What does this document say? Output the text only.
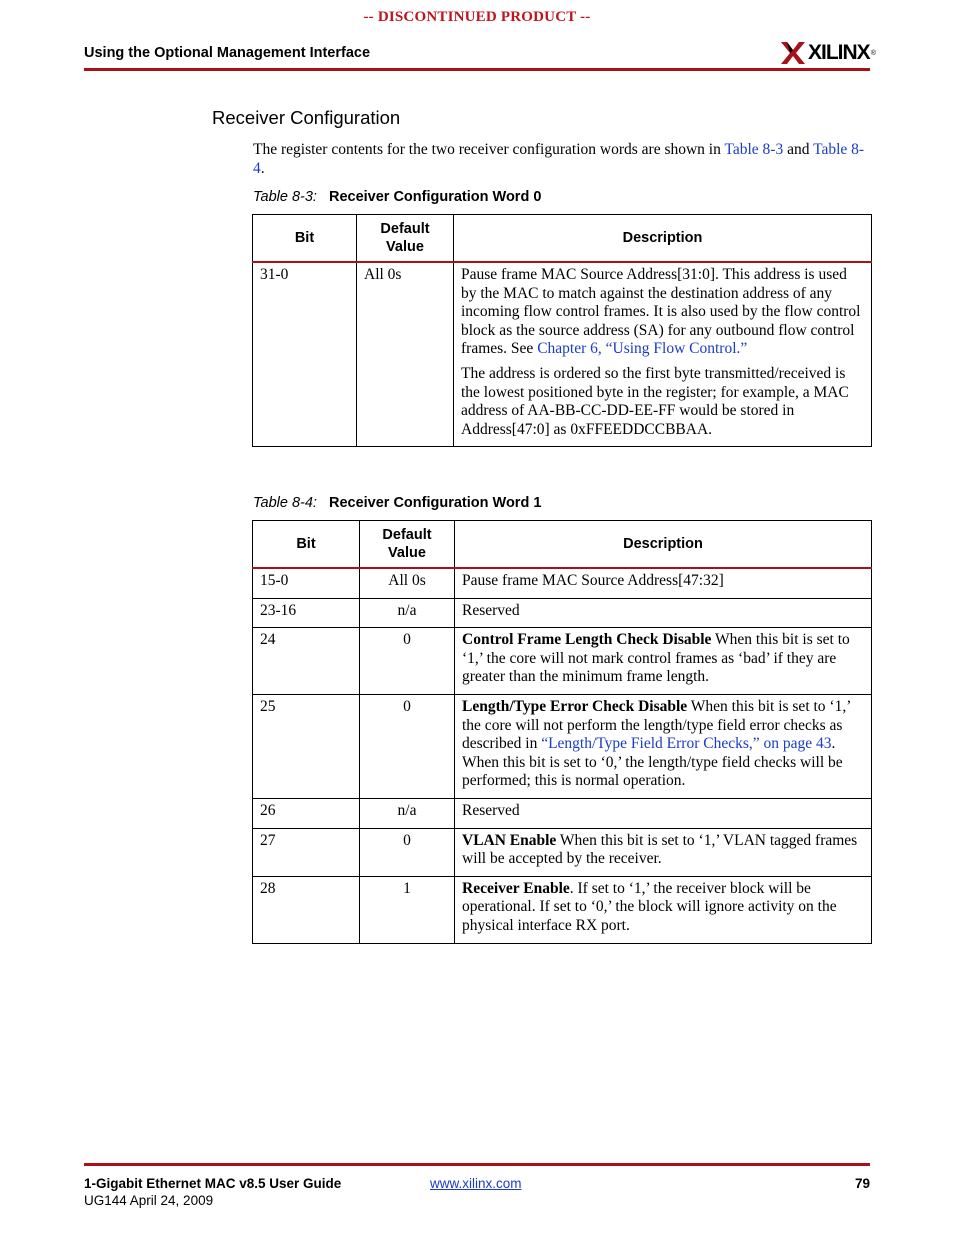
-- DISCONTINUED PRODUCT --
Using the Optional Management Interface	XILINX ®
Receiver Configuration
The register contents for the two receiver configuration words are shown in Table 8-3 and Table 8-4.
Table 8-3: Receiver Configuration Word 0
Bit	Default Value	Description
31-0	All 0s	Pause frame MAC Source Address[31:0]. This address is used by the MAC to match against the destination address of any incoming flow control frames. It is also used by the flow control block as the source address (SA) for any outbound flow control frames. See Chapter 6, “Using Flow Control.”

The address is ordered so the first byte transmitted/received is the lowest positioned byte in the register; for example, a MAC address of AA-BB-CC-DD-EE-FF would be stored in Address[47:0] as 0xFFEEDDCCBBAA.

Table 8-4: Receiver Configuration Word 1
Bit	Default Value	Description
15-0	All 0s	Pause frame MAC Source Address[47:32]
23-16	n/a	Reserved
24	0	Control Frame Length Check Disable When this bit is set to ‘1,’ the core will not mark control frames as ‘bad’ if they are greater than the minimum frame length.
25	0	Length/Type Error Check Disable When this bit is set to ‘1,’ the core will not perform the length/type field error checks as described in “Length/Type Field Error Checks,” on page 43. When this bit is set to ‘0,’ the length/type field checks will be performed; this is normal operation.
26	n/a	Reserved
27	0	VLAN Enable When this bit is set to ‘1,’ VLAN tagged frames will be accepted by the receiver.
28	1	Receiver Enable. If set to ‘1,’ the receiver block will be operational. If set to ‘0,’ the block will ignore activity on the physical interface RX port.
1-Gigabit Ethernet MAC v8.5 User Guide
UG144 April 24, 2009
www.xilinx.com	79
